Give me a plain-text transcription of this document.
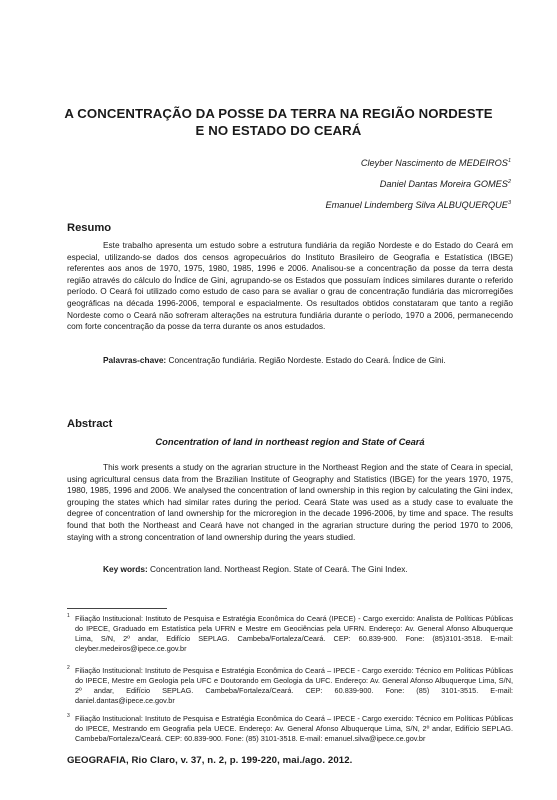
A CONCENTRAÇÃO DA POSSE DA TERRA NA REGIÃO NORDESTE
E NO ESTADO DO CEARÁ
Cleyber Nascimento de MEDEIROS$^1$
Daniel Dantas Moreira GOMES$^2$
Emanuel Lindemberg Silva ALBUQUERQUE$^3$
Resumo
Este trabalho apresenta um estudo sobre a estrutura fundiária da região Nordeste e do Estado do Ceará em especial, utilizando-se dados dos censos agropecuários do Instituto Brasileiro de Geografia e Estatística (IBGE) referentes aos anos de 1970, 1975, 1980, 1985, 1996 e 2006. Analisou-se a concentração da posse da terra desta região através do cálculo do Índice de Gini, agrupando-se os Estados que possuíam índices similares durante o referido período. O Ceará foi utilizado como estudo de caso para se avaliar o grau de concentração fundiária das microrregiões geográficas na década 1996-2006, temporal e espacialmente. Os resultados obtidos constataram que tanto a região Nordeste como o Ceará não sofreram alterações na estrutura fundiária durante o período, 1970 a 2006, permanecendo com forte concentração da posse da terra durante os anos estudados.
Palavras-chave: Concentração fundiária. Região Nordeste. Estado do Ceará. Índice de Gini.
Abstract
Concentration of land in northeast region and State of Ceará
This work presents a study on the agrarian structure in the Northeast Region and the state of Ceara in special, using agricultural census data from the Brazilian Institute of Geography and Statistics (IBGE) for the years 1970, 1975, 1980, 1985, 1996 and 2006. We analysed the concentration of land ownership in this region by calculating the Gini index, grouping the states which had similar rates during the period. Ceará State was used as a study case to evaluate the degree of concentration of land ownership for the microregion in the decade 1996-2006, by time and space. The results found that both the Northeast and Ceará have not changed in the agrarian structure during the period 1970 to 2006, staying with a strong concentration of land ownership during the years studied.
Key words: Concentration land. Northeast Region. State of Ceará. The Gini Index.
1 Filiação Institucional: Instituto de Pesquisa e Estratégia Econômica do Ceará (IPECE) - Cargo exercido: Analista de Políticas Públicas do IPECE, Graduado em Estatística pela UFRN e Mestre em Geociências pela UFRN. Endereço: Av. General Afonso Albuquerque Lima, S/N, 2º andar, Edifício SEPLAG. Cambeba/Fortaleza/Ceará. CEP: 60.839-900. Fone: (85)3101-3518. E-mail: cleyber.medeiros@ipece.ce.gov.br
2 Filiação Institucional: Instituto de Pesquisa e Estratégia Econômica do Ceará – IPECE - Cargo exercido: Técnico em Políticas Públicas do IPECE, Mestre em Geologia pela UFC e Doutorando em Geologia da UFC. Endereço: Av. General Afonso Albuquerque Lima, S/N, 2º andar, Edifício SEPLAG. Cambeba/Fortaleza/Ceará. CEP: 60.839-900. Fone: (85) 3101-3515. E-mail: daniel.dantas@ipece.ce.gov.br
3 Filiação Institucional: Instituto de Pesquisa e Estratégia Econômica do Ceará – IPECE - Cargo exercido: Técnico em Políticas Públicas do IPECE, Mestrando em Geografia pela UECE. Endereço: Av. General Afonso Albuquerque Lima, S/N, 2º andar, Edifício SEPLAG. Cambeba/Fortaleza/Ceará. CEP: 60.839-900. Fone: (85) 3101-3518. E-mail: emanuel.silva@ipece.ce.gov.br
GEOGRAFIA, Rio Claro, v. 37, n. 2, p. 199-220, mai./ago. 2012.
